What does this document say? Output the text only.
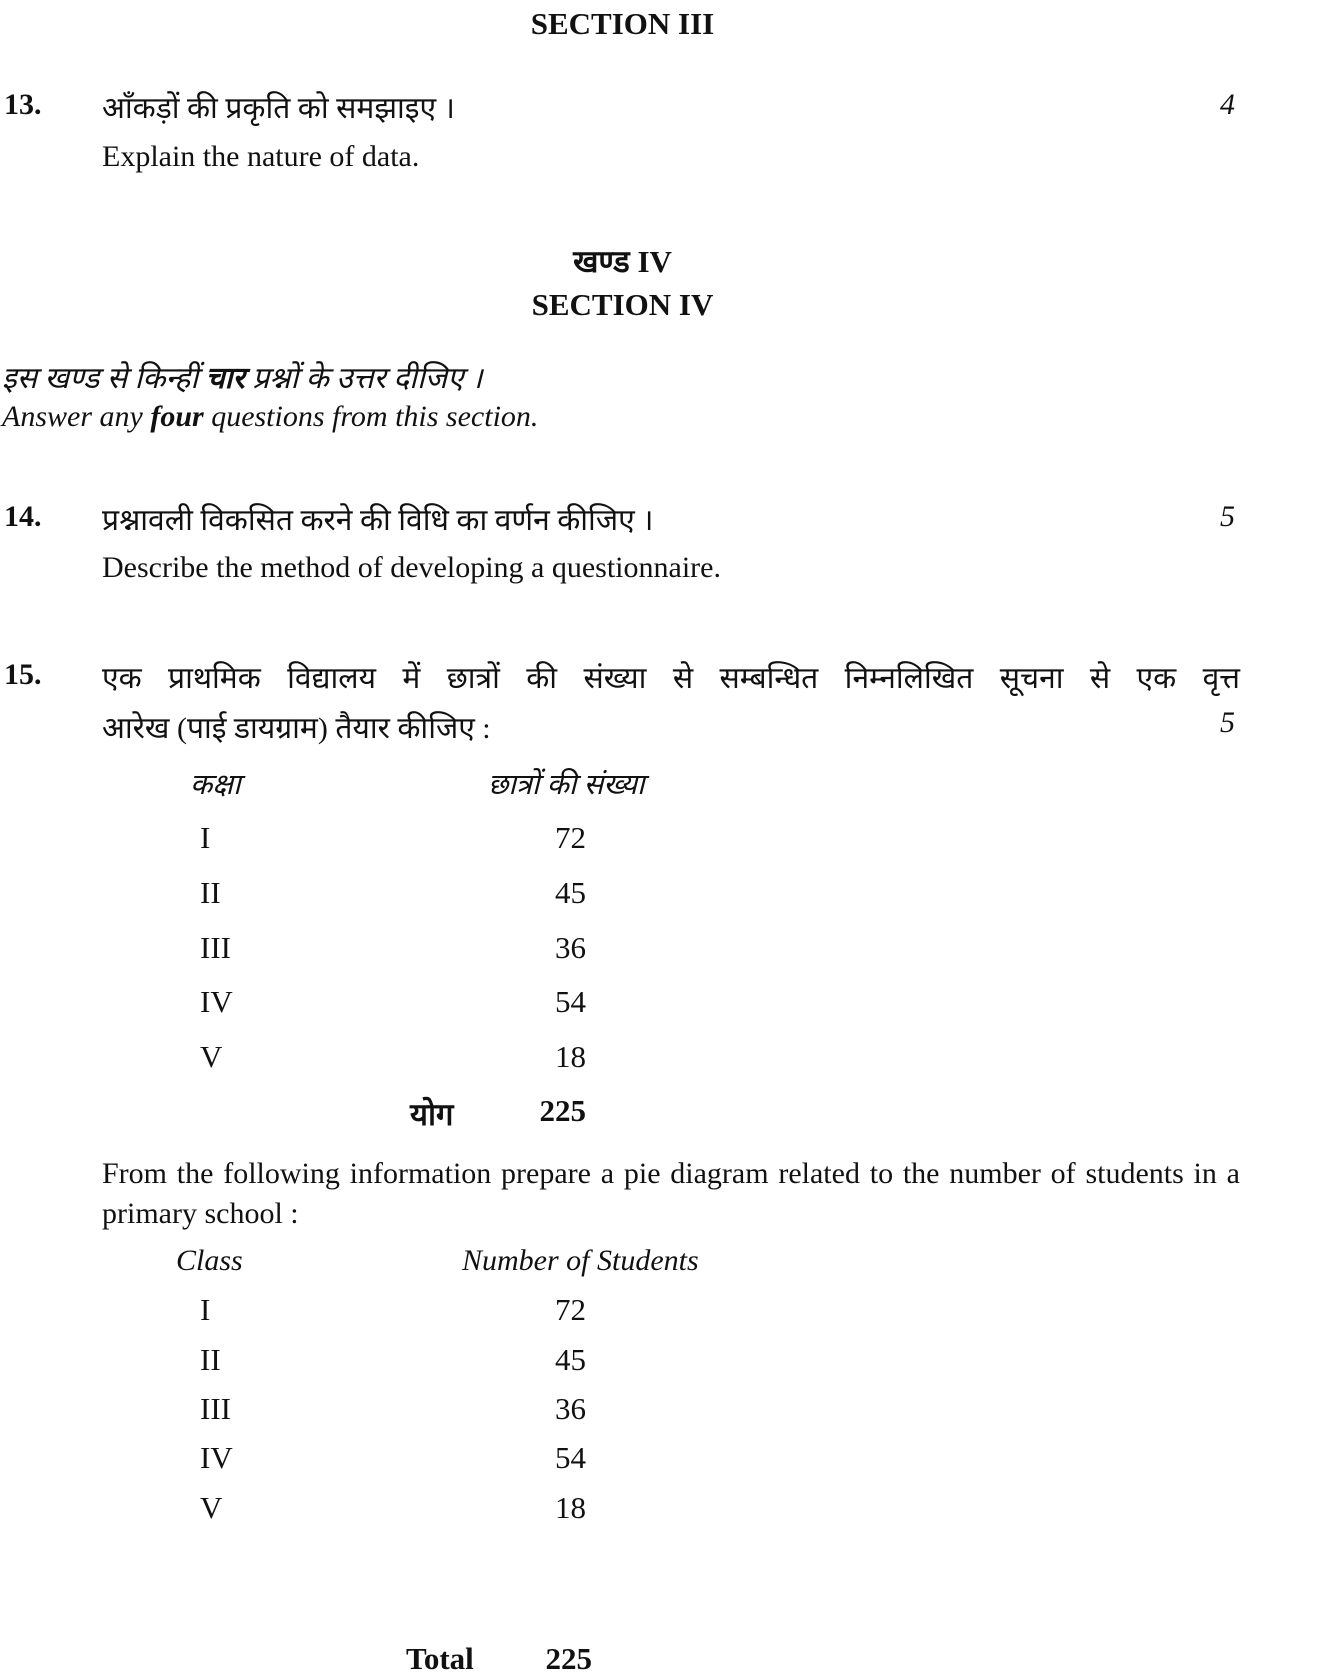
SECTION III
13. आँकड़ों की प्रकृति को समझाइए ।	4
Explain the nature of data.
खण्ड IV
SECTION IV
इस खण्ड से किन्हीं चार प्रश्नों के उत्तर दीजिए ।
Answer any four questions from this section.
14. प्रश्नावली विकसित करने की विधि का वर्णन कीजिए ।	5
Describe the method of developing a questionnaire.
15. एक प्राथमिक विद्यालय में छात्रों की संख्या से सम्बन्धित निम्नलिखित सूचना से एक वृत्त
आरेख (पाई डायग्राम) तैयार कीजिए :	5
कक्षा	छात्रों की संख्या
I	72
II	45
III	36
IV	54
V	18
योग	225
From the following information prepare a pie diagram related to the number of students in a primary school :
Class	Number of Students
I	72
II	45
III	36
IV	54
V	18
Total	225
